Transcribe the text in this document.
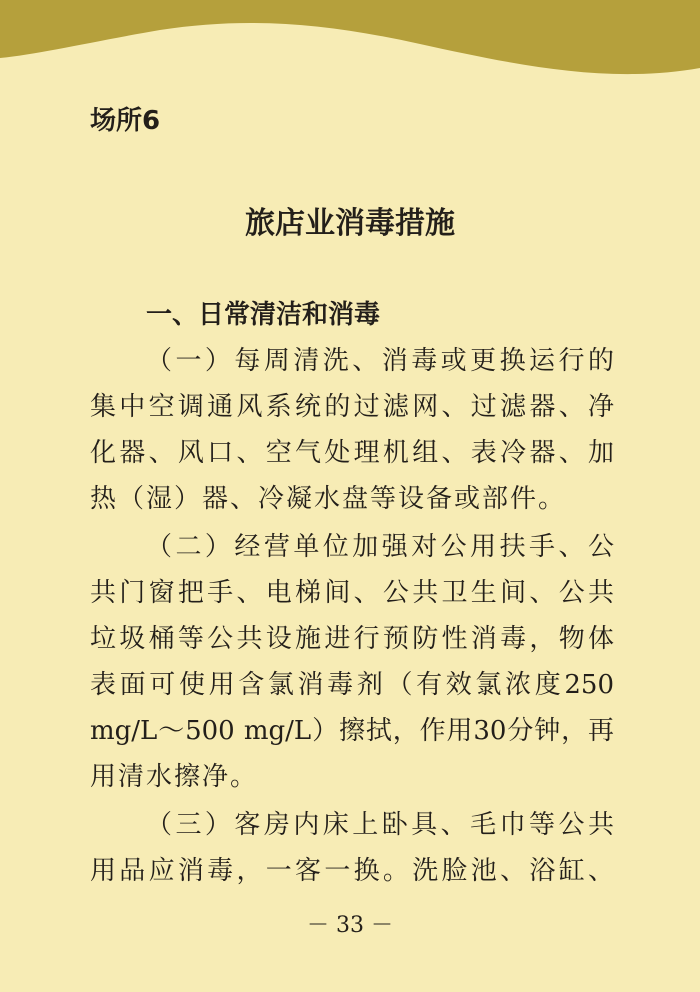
场所6
旅店业消毒措施
一、日常清洁和消毒
（一）每周清洗、消毒或更换运行的
集中空调通风系统的过滤网、过滤器、净
化器、风口、空气处理机组、表冷器、加
热（湿）器、冷凝水盘等设备或部件。
（二）经营单位加强对公用扶手、公
共门窗把手、电梯间、公共卫生间、公共
垃圾桶等公共设施进行预防性消毒，物体
表面可使用含氯消毒剂（有效氯浓度250
mg/L～500 mg/L）擦拭，作用30分钟，再
用清水擦净。
（三）客房内床上卧具、毛巾等公共
用品应消毒，一客一换。洗脸池、浴缸、
－ 33 －
